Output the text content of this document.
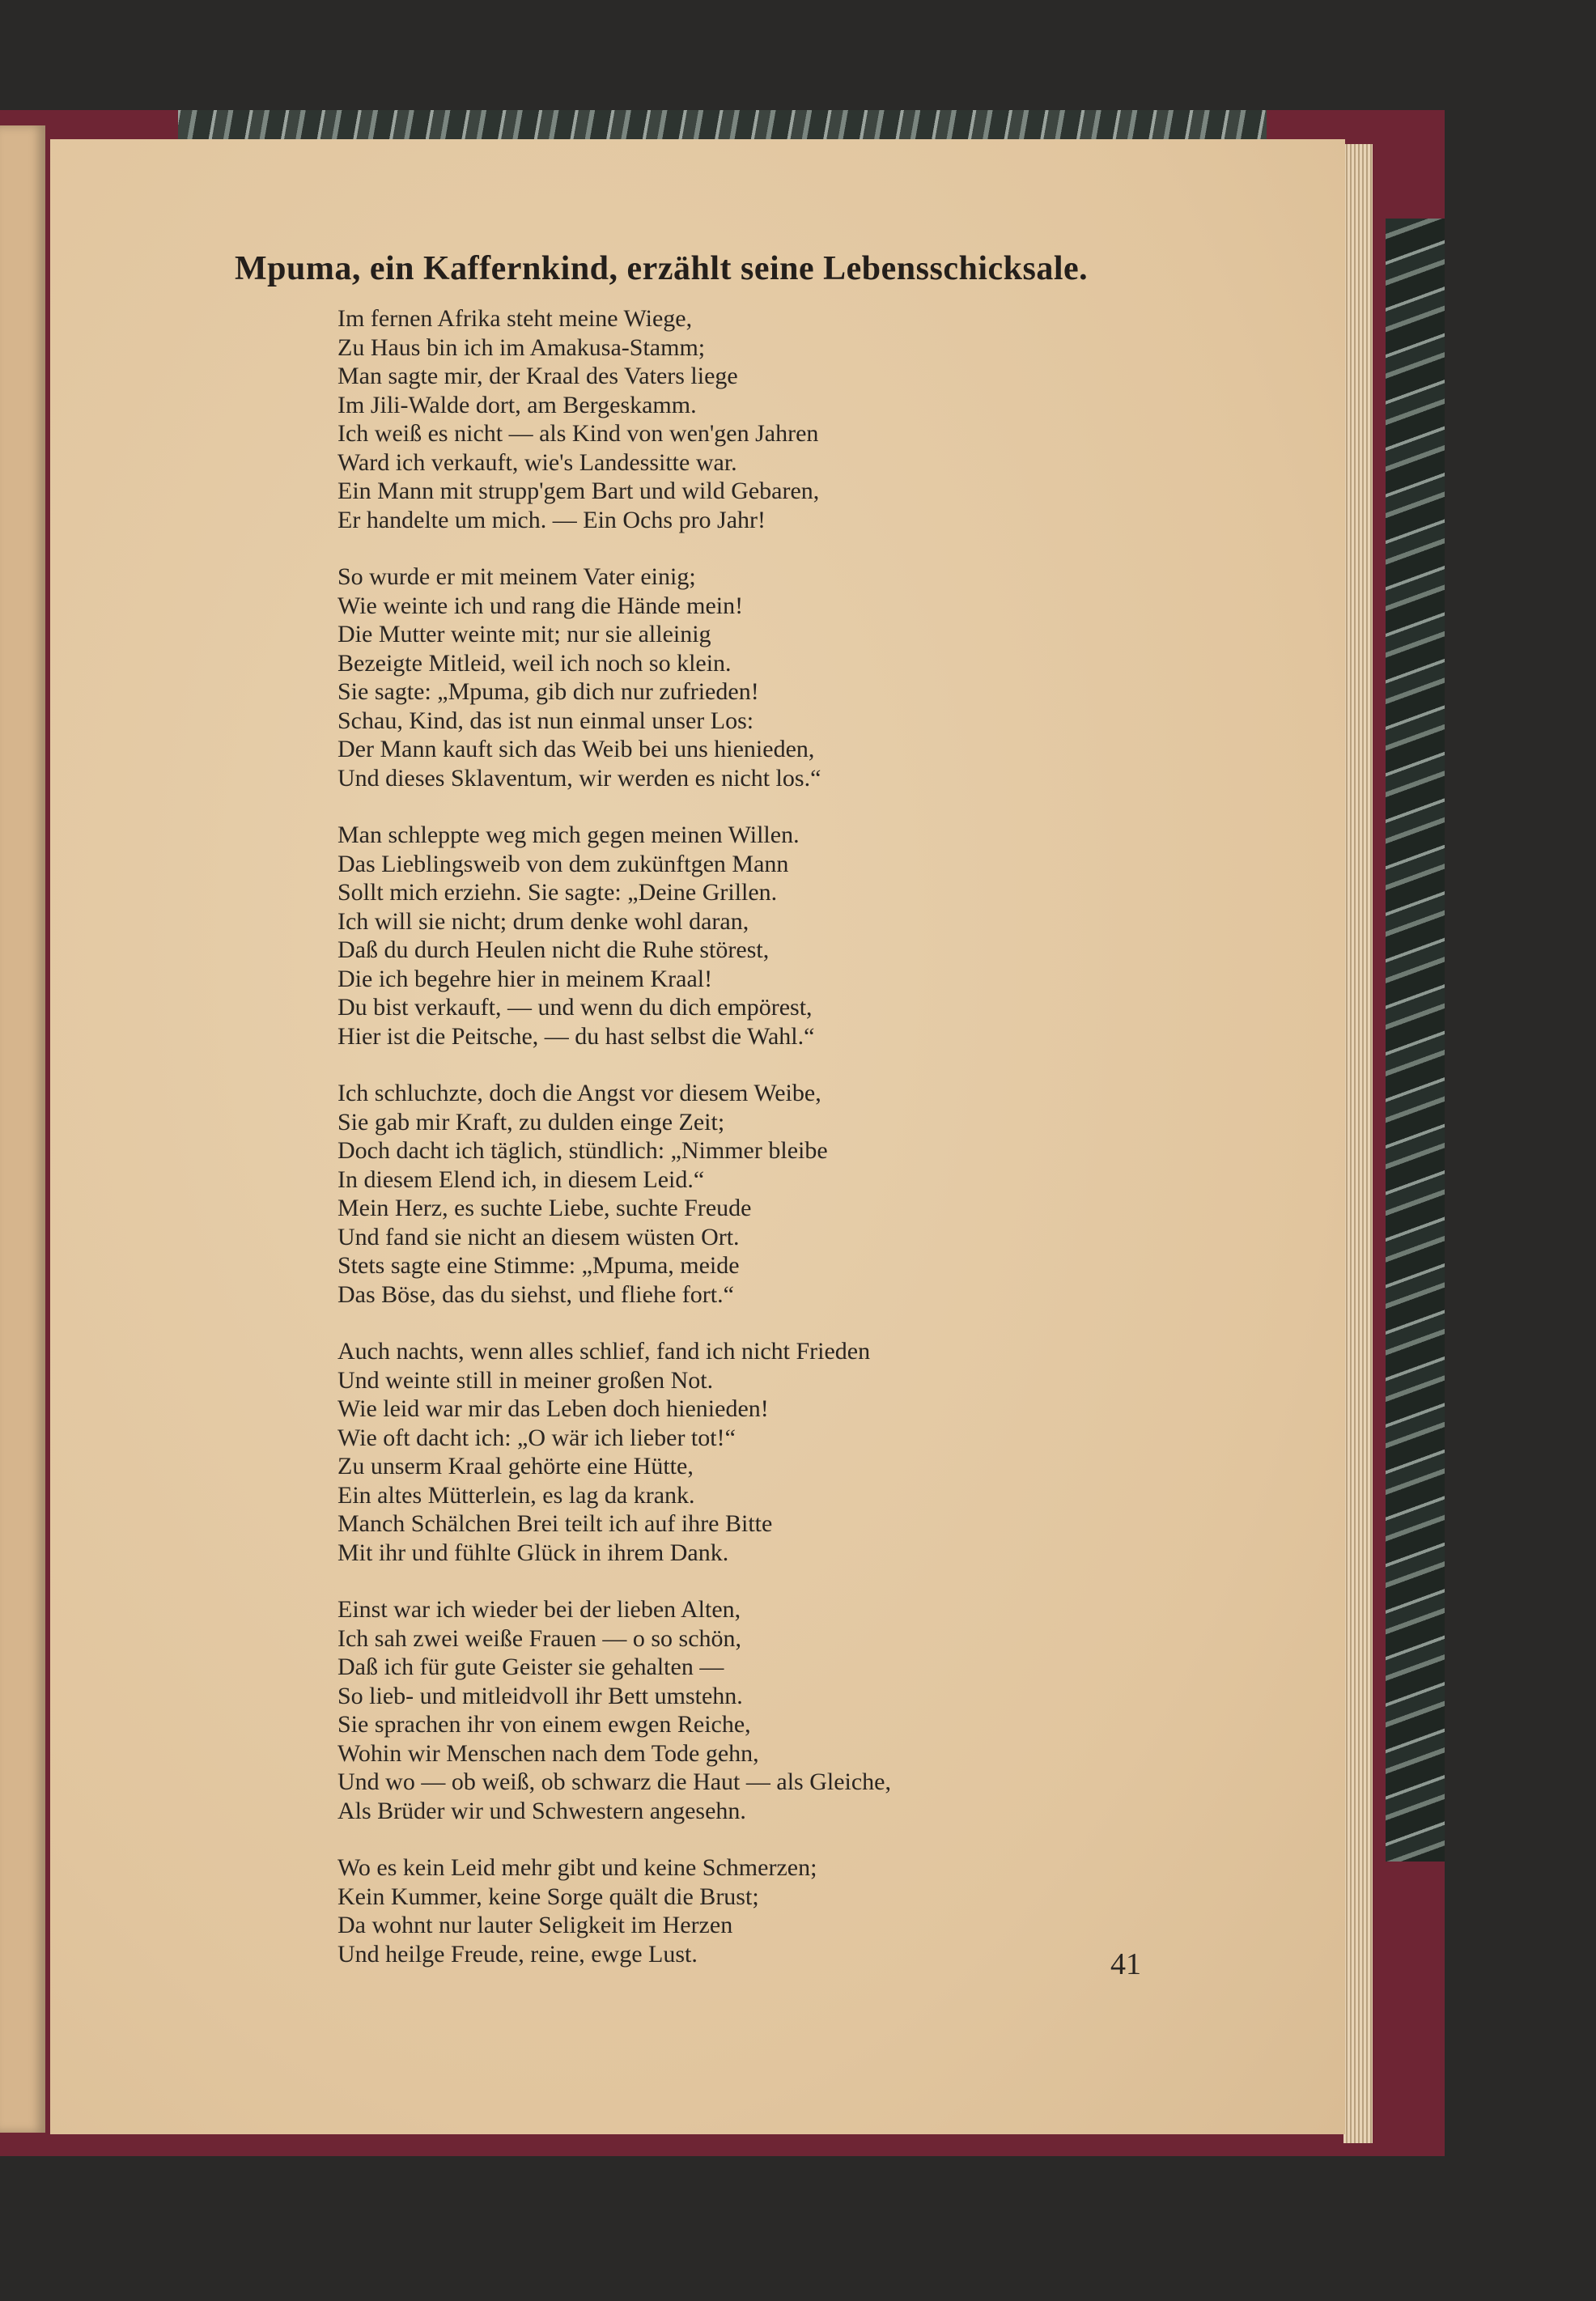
Mpuma, ein Kaffernkind, erzählt seine Lebensschicksale.
Im fernen Afrika steht meine Wiege,
Zu Haus bin ich im Amakusa-Stamm;
Man sagte mir, der Kraal des Vaters liege
Im Jili-Walde dort, am Bergeskamm.
Ich weiß es nicht — als Kind von wen'gen Jahren
Ward ich verkauft, wie's Landessitte war.
Ein Mann mit strupp'gem Bart und wild Gebaren,
Er handelte um mich. — Ein Ochs pro Jahr!
So wurde er mit meinem Vater einig;
Wie weinte ich und rang die Hände mein!
Die Mutter weinte mit; nur sie alleinig
Bezeigte Mitleid, weil ich noch so klein.
Sie sagte: „Mpuma, gib dich nur zufrieden!
Schau, Kind, das ist nun einmal unser Los:
Der Mann kauft sich das Weib bei uns hienieden,
Und dieses Sklaventum, wir werden es nicht los.“
Man schleppte weg mich gegen meinen Willen.
Das Lieblingsweib von dem zukünftgen Mann
Sollt mich erziehn. Sie sagte: „Deine Grillen.
Ich will sie nicht; drum denke wohl daran,
Daß du durch Heulen nicht die Ruhe störest,
Die ich begehre hier in meinem Kraal!
Du bist verkauft, — und wenn du dich empörest,
Hier ist die Peitsche, — du hast selbst die Wahl.“
Ich schluchzte, doch die Angst vor diesem Weibe,
Sie gab mir Kraft, zu dulden einge Zeit;
Doch dacht ich täglich, stündlich: „Nimmer bleibe
In diesem Elend ich, in diesem Leid.“
Mein Herz, es suchte Liebe, suchte Freude
Und fand sie nicht an diesem wüsten Ort.
Stets sagte eine Stimme: „Mpuma, meide
Das Böse, das du siehst, und fliehe fort.“
Auch nachts, wenn alles schlief, fand ich nicht Frieden
Und weinte still in meiner großen Not.
Wie leid war mir das Leben doch hienieden!
Wie oft dacht ich: „O wär ich lieber tot!“
Zu unserm Kraal gehörte eine Hütte,
Ein altes Mütterlein, es lag da krank.
Manch Schälchen Brei teilt ich auf ihre Bitte
Mit ihr und fühlte Glück in ihrem Dank.
Einst war ich wieder bei der lieben Alten,
Ich sah zwei weiße Frauen — o so schön,
Daß ich für gute Geister sie gehalten —
So lieb- und mitleidvoll ihr Bett umstehn.
Sie sprachen ihr von einem ewgen Reiche,
Wohin wir Menschen nach dem Tode gehn,
Und wo — ob weiß, ob schwarz die Haut — als Gleiche,
Als Brüder wir und Schwestern angesehn.
Wo es kein Leid mehr gibt und keine Schmerzen;
Kein Kummer, keine Sorge quält die Brust;
Da wohnt nur lauter Seligkeit im Herzen
Und heilge Freude, reine, ewge Lust.	41
